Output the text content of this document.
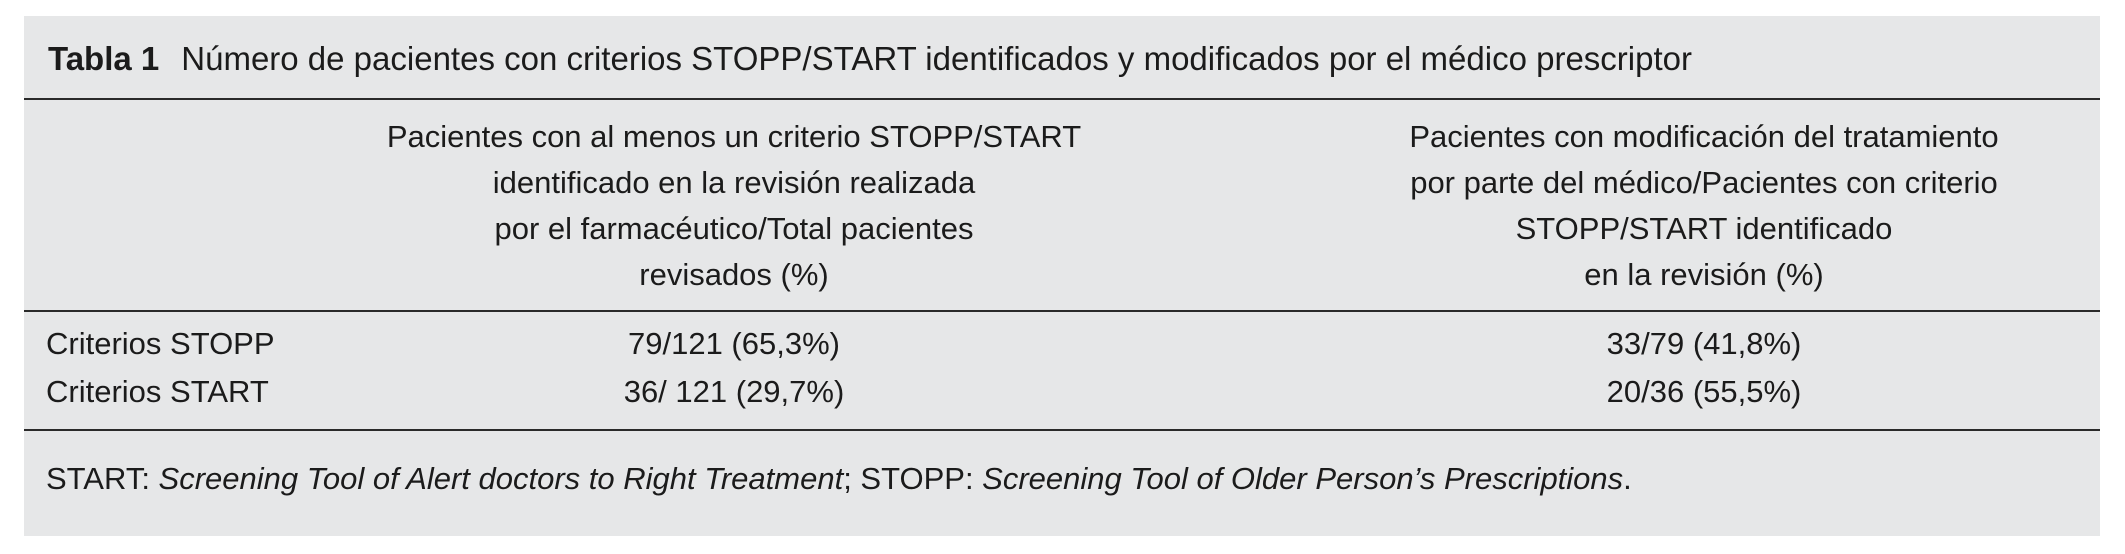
Tabla 1 Número de pacientes con criterios STOPP/START identificados y modificados por el médico prescriptor
Pacientes con al menos un criterio STOPP/START
identificado en la revisión realizada
por el farmacéutico/Total pacientes
revisados (%)
Pacientes con modificación del tratamiento
por parte del médico/Pacientes con criterio
STOPP/START identificado
en la revisión (%)
Criterios STOPP	79/121 (65,3%)	33/79 (41,8%)
Criterios START	36/ 121 (29,7%)	20/36 (55,5%)
START: Screening Tool of Alert doctors to Right Treatment; STOPP: Screening Tool of Older Person’s Prescriptions.
